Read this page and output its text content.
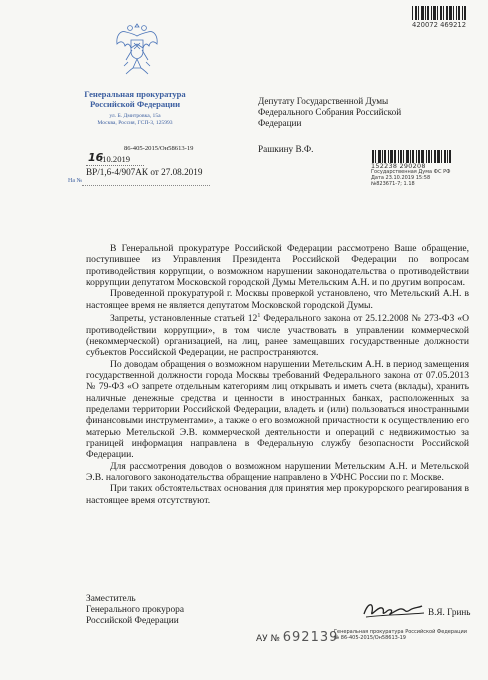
420072 469212
Генеральная прокуратура
Российской Федерации
ул. Б. Дмитровка, 15а
Москва, Россия, ГСП-3, 125993
86-405-2015/Он58613-19
16
.10.2019
ВР/1,6-4/907АК от 27.08.2019
На №
Депутату Государственной Думы
Федерального Собрания Российской
Федерации
Рашкину В.Ф.
152238 290208
Государственная Дума ФС РФ
Дата 23.10.2019 15:58
№823671-7; 1.18

В Генеральной прокуратуре Российской Федерации рассмотрено Ваше обращение, поступившее из Управления Президента Российской Федерации по вопросам противодействия коррупции, о возможном нарушении законодательства о противодействии коррупции депутатом Московской городской Думы Метельским А.Н. и по другим вопросам.

Проведенной прокуратурой г. Москвы проверкой установлено, что Метельский А.Н. в настоящее время не является депутатом Московской городской Думы.

Запреты, установленные статьей $12^1$ Федерального закона от 25.12.2008 № 273-ФЗ «О противодействии коррупции», в том числе участвовать в управлении коммерческой (некоммерческой) организацией, на лиц, ранее замещавших государственные должности субъектов Российской Федерации, не распространяются.

По доводам обращения о возможном нарушении Метельским А.Н. в период замещения государственной должности города Москвы требований Федерального закона от 07.05.2013 № 79-ФЗ «О запрете отдельным категориям лиц открывать и иметь счета (вклады), хранить наличные денежные средства и ценности в иностранных банках, расположенных за пределами территории Российской Федерации, владеть и (или) пользоваться иностранными финансовыми инструментами», а также о его возможной причастности к осуществлению его матерью Метельской Э.В. коммерческой деятельности и операций с недвижимостью за границей информация направлена в Федеральную службу безопасности Российской Федерации.

Для рассмотрения доводов о возможном нарушении Метельским А.Н. и Метельской Э.В. налогового законодательства обращение направлено в УФНС России по г. Москве.

При таких обстоятельствах основания для принятия мер прокурорского реагирования в настоящее время отсутствуют.

Заместитель
Генерального прокурора
Российской Федерации
В.Я. Гринь
АУ № 692139
Генеральная прокуратура Российской Федерации
№ 86-405-2015/Он58613-19
